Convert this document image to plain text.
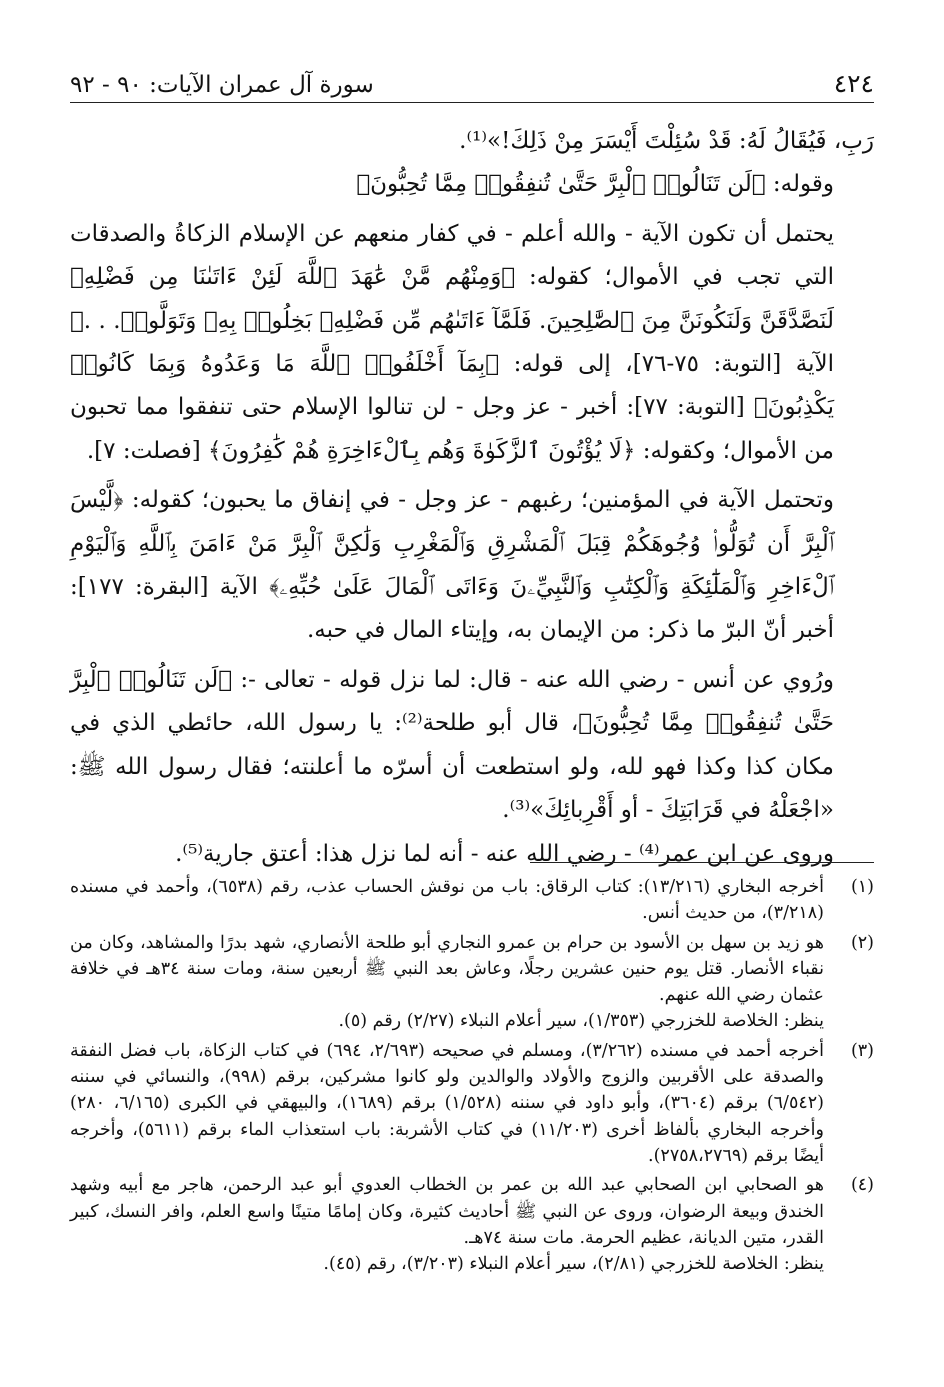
٤٢٤
سورة آل عمران الآيات: ٩٠ - ٩٢

رَبِ، فَيُقَالُ لَهُ: قَدْ سُئِلْتَ أَيْسَرَ مِنْ ذَلِكَ!»⁽¹⁾.

وقوله: ﴿لَن تَنَالُوا۟ ٱلْبِرَّ حَتَّىٰ تُنفِقُوا۟ مِمَّا تُحِبُّونَ﴾

يحتمل أن تكون الآية - والله أعلم - في كفار منعهم عن الإسلام الزكاةُ والصدقات التي تجب في الأموال؛ كقوله: ﴿وَمِنْهُم مَّنْ عَٰهَدَ ٱللَّهَ لَئِنْ ءَاتَىٰنَا مِن فَضْلِهِۦ لَنَصَّدَّقَنَّ وَلَنَكُونَنَّ مِنَ ٱلصَّٰلِحِينَ. فَلَمَّآ ءَاتَىٰهُم مِّن فَضْلِهِۦ بَخِلُوا۟ بِهِۦ وَتَوَلَّوا۟. . .﴾ الآية [التوبة: ٧٥-٧٦]، إلى قوله: ﴿بِمَآ أَخْلَفُوا۟ ٱللَّهَ مَا وَعَدُوهُ وَبِمَا كَانُوا۟ يَكْذِبُونَ﴾ [التوبة: ٧٧]: أخبر - عز وجل - لن تنالوا الإسلام حتى تنفقوا مما تحبون من الأموال؛ وكقوله: ﴿لَا يُؤْتُونَ ٱلزَّكَوٰةَ وَهُم بِٱلْءَاخِرَةِ هُمْ كَٰفِرُونَ﴾ [فصلت: ٧].

وتحتمل الآية في المؤمنين؛ رغبهم - عز وجل - في إنفاق ما يحبون؛ كقوله: ﴿لَّيْسَ ٱلْبِرَّ أَن تُوَلُّوا۟ وُجُوهَكُمْ قِبَلَ ٱلْمَشْرِقِ وَٱلْمَغْرِبِ وَلَٰكِنَّ ٱلْبِرَّ مَنْ ءَامَنَ بِٱللَّهِ وَٱلْيَوْمِ ٱلْءَاخِرِ وَٱلْمَلَٰٓئِكَةِ وَٱلْكِتَٰبِ وَٱلنَّبِيِّۦنَ وَءَاتَى ٱلْمَالَ عَلَىٰ حُبِّهِۦ﴾ الآية [البقرة: ١٧٧]: أخبر أنّ البرّ ما ذكر: من الإيمان به، وإيتاء المال في حبه.

ورُوي عن أنس - رضي الله عنه - قال: لما نزل قوله - تعالى -: ﴿لَن تَنَالُوا۟ ٱلْبِرَّ حَتَّىٰ تُنفِقُوا۟ مِمَّا تُحِبُّونَ﴾، قال أبو طلحة⁽²⁾: يا رسول الله، حائطي الذي في مكان كذا وكذا فهو لله، ولو استطعت أن أسرّه ما أعلنته؛ فقال رسول الله ﷺ: «اجْعَلْهُ في قَرَابَتِكَ - أو أَقْرِبائِكَ»⁽³⁾.

وروى عن ابن عمر⁽⁴⁾ - رضي الله عنه - أنه لما نزل هذا: أعتق جارية⁽⁵⁾.

(١)
أخرجه البخاري (١٣/٢١٦): كتاب الرقاق: باب من نوقش الحساب عذب، رقم (٦٥٣٨)، وأحمد في مسنده (٣/٢١٨)، من حديث أنس.
(٢)
هو زيد بن سهل بن الأسود بن حرام بن عمرو النجاري أبو طلحة الأنصاري، شهد بدرًا والمشاهد، وكان من نقباء الأنصار. قتل يوم حنين عشرين رجلًا، وعاش بعد النبي ﷺ أربعين سنة، ومات سنة ٣٤هـ في خلافة عثمان رضي الله عنهم.
ينظر: الخلاصة للخزرجي (١/٣٥٣)، سير أعلام النبلاء (٢/٢٧) رقم (٥).
(٣)
أخرجه أحمد في مسنده (٣/٢٦٢)، ومسلم في صحيحه (٢/٦٩٣، ٦٩٤) في كتاب الزكاة، باب فضل النفقة والصدقة على الأقربين والزوج والأولاد والوالدين ولو كانوا مشركين، برقم (٩٩٨)، والنسائي في سننه (٦/٥٤٢) برقم (٣٦٠٤)، وأبو داود في سننه (١/٥٢٨) برقم (١٦٨٩)، والبيهقي في الكبرى (٦/١٦٥، ٢٨٠) وأخرجه البخاري بألفاظ أخرى (١١/٢٠٣) في كتاب الأشربة: باب استعذاب الماء برقم (٥٦١١)، وأخرجه أيضًا برقم (٢٧٥٨،٢٧٦٩).
(٤)
هو الصحابي ابن الصحابي عبد الله بن عمر بن الخطاب العدوي أبو عبد الرحمن، هاجر مع أبيه وشهد الخندق وبيعة الرضوان، وروى عن النبي ﷺ أحاديث كثيرة، وكان إمامًا متينًا واسع العلم، وافر النسك، كبير القدر، متين الديانة، عظيم الحرمة. مات سنة ٧٤هـ.
ينظر: الخلاصة للخزرجي (٢/٨١)، سير أعلام النبلاء (٣/٢٠٣)، رقم (٤٥).
